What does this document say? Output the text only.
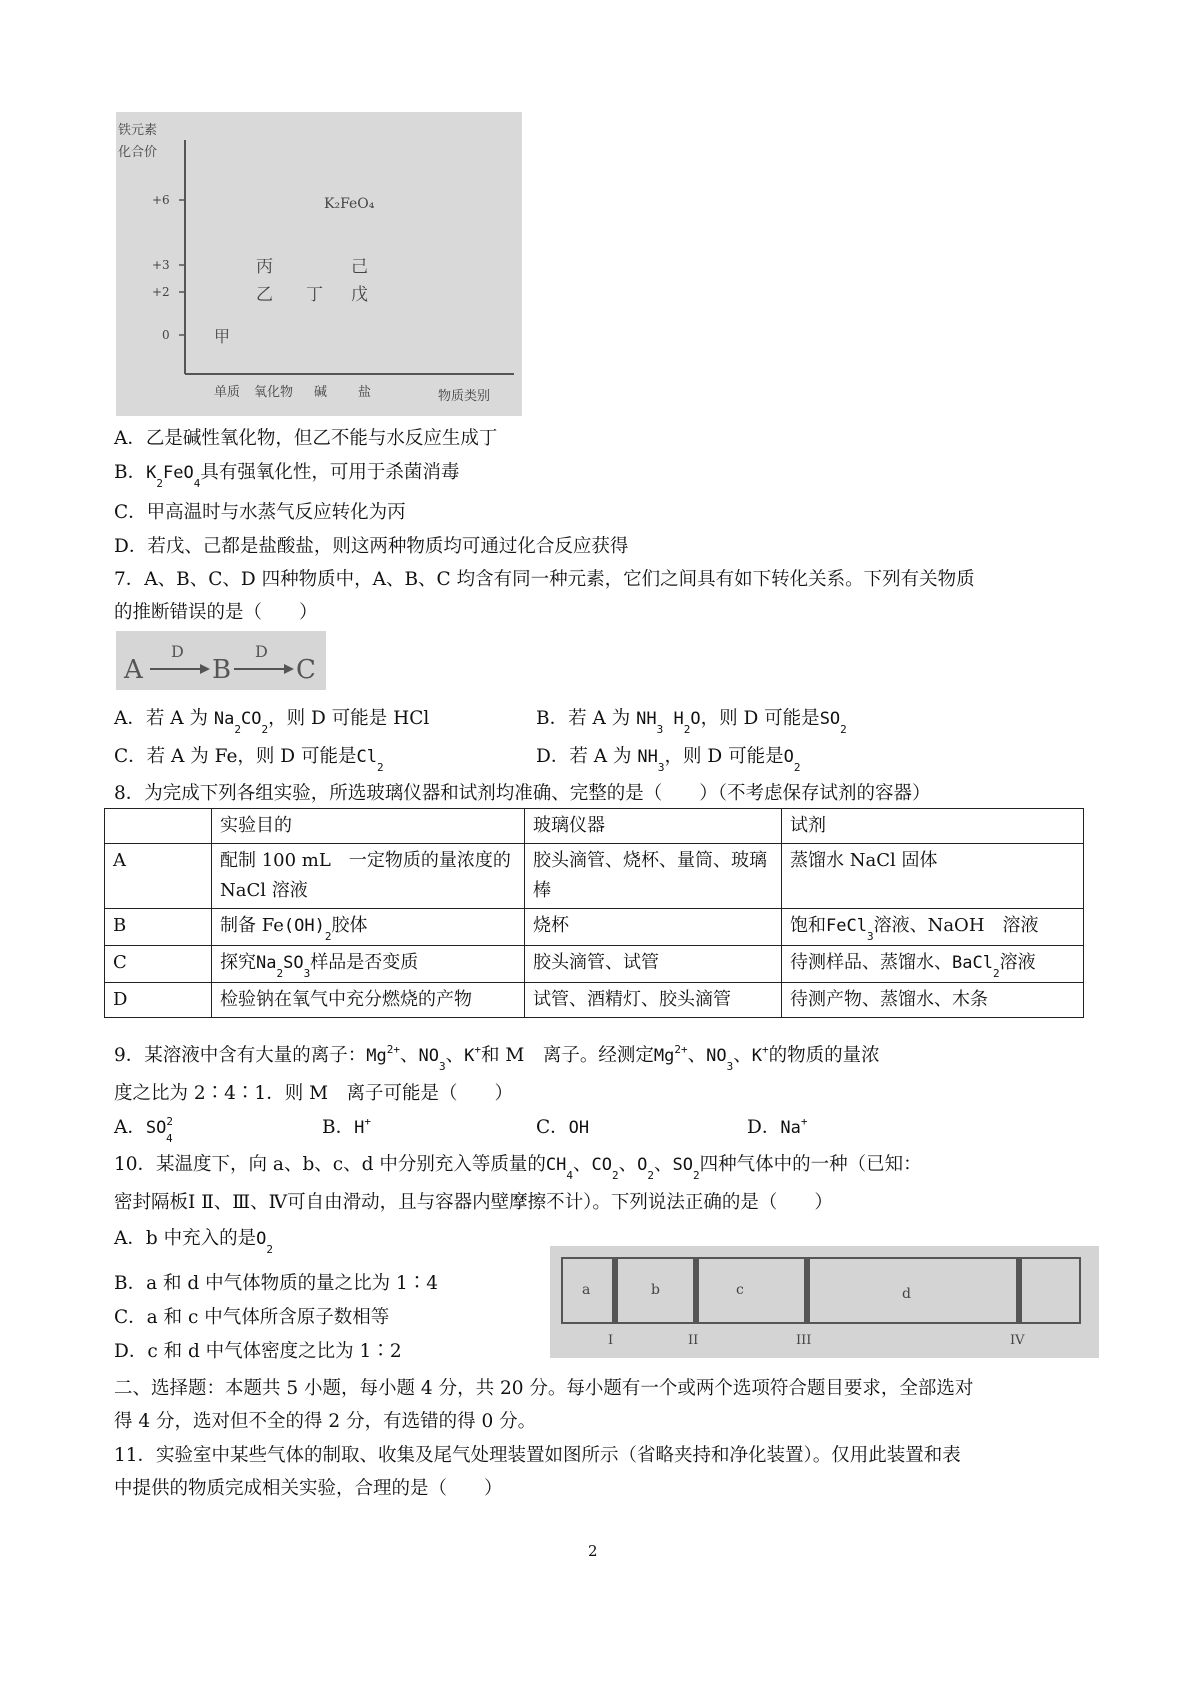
铁元素
化合价
+6
+3
+2
0
K₂FeO₄
丙	己
乙 丁 戊
甲
单质 氧化物 碱 盐	物质类别
A．乙是碱性氧化物，但乙不能与水反应生成丁
B．$K_2FeO_4$具有强氧化性，可用于杀菌消毒
C．甲高温时与水蒸气反应转化为丙
D．若戊、己都是盐酸盐，则这两种物质均可通过化合反应获得
7．A、B、C、D 四种物质中，A、B、C 均含有同一种元素，它们之间具有如下转化关系。下列有关物质
的推断错误的是（　　）
A
D
B
D
C
A．若 A 为 $Na_2CO_2$，则 D 可能是 HCl	B．若 A 为 $NH_3$ $H_2O$，则 D 可能是$SO_2$
C．若 A 为 Fe，则 D 可能是$Cl_2$
D．若 A 为 $NH_3$，则 D 可能是$O_2$
8．为完成下列各组实验，所选玻璃仪器和试剂均准确、完整的是（　　）（不考虑保存试剂的容器）
	实验目的	玻璃仪器	试剂
A	配制 100 mL　一定物质的量浓度的 NaCl 溶液	胶头滴管、烧杯、量筒、玻璃棒	蒸馏水 NaCl 固体
B	制备 $Fe(OH)_2$胶体	烧杯	饱和FeCl$_3$溶液、NaOH　溶液
C	探究$Na_2SO_3$样品是否变质	胶头滴管、试管	待测样品、蒸馏水、BaCl$_2$溶液
D	检验钠在氧气中充分燃烧的产物	试管、酒精灯、胶头滴管	待测产物、蒸馏水、木条
9．某溶液中含有大量的离子：$Mg^{2+}$、$NO_3$、K+和 M　离子。经测定$Mg^{2+}$、$NO_3$、K+的物质的量浓
度之比为 2∶4∶1．则 M　离子可能是（　　）
A．$SO^2_4$
B．H+	C．OH	D．Na+
10．某温度下，向 a、b、c、d 中分别充入等质量的$CH_4$、$CO_2$、$O_2$、$SO_2$四种气体中的一种（已知：
密封隔板Ⅰ Ⅱ、Ⅲ、Ⅳ可自由滑动，且与容器内壁摩擦不计）。下列说法正确的是（　　）
A．b 中充入的是$O_2$
B．a 和 d 中气体物质的量之比为 1∶4
C．a 和 c 中气体所含原子数相等
D．c 和 d 中气体密度之比为 1∶2
a	b	c	d
I	II	III	IV
二、选择题：本题共 5 小题，每小题 4 分，共 20 分。每小题有一个或两个选项符合题目要求，全部选对
得 4 分，选对但不全的得 2 分，有选错的得 0 分。
11．实验室中某些气体的制取、收集及尾气处理装置如图所示（省略夹持和净化装置）。仅用此装置和表
中提供的物质完成相关实验，合理的是（　　）
2
